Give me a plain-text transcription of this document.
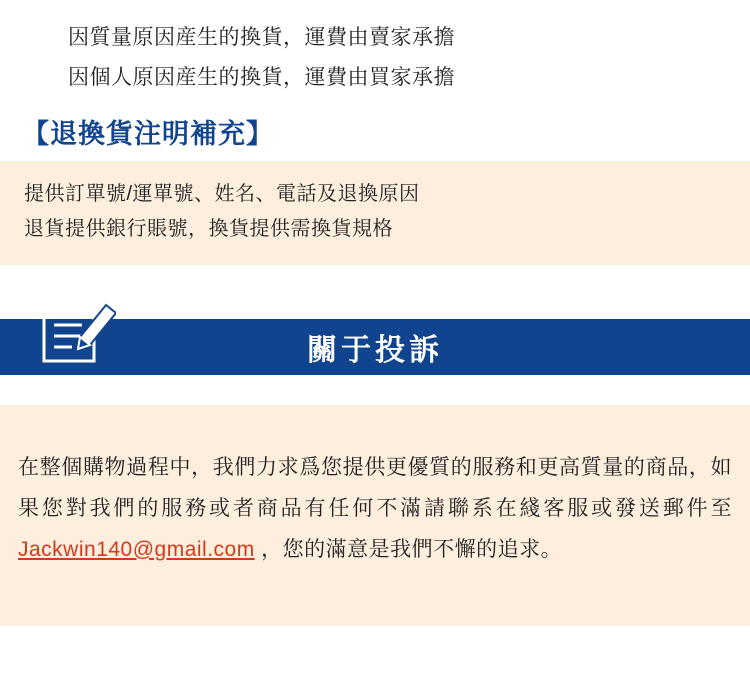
因質量原因産生的換貨，運費由賣家承擔
因個人原因産生的換貨，運費由買家承擔
【退換貨注明補充】
提供訂單號/運單號、姓名、電話及退換原因
退貨提供銀行賬號，換貨提供需換貨規格
關于投訴

在整個購物過程中，我們力求爲您提供更優質的服務和更高質量的商品，如果您對我們的服務或者商品有任何不滿請聯系在綫客服或發送郵件至 Jackwin140@gmail.com ，您的滿意是我們不懈的追求。
